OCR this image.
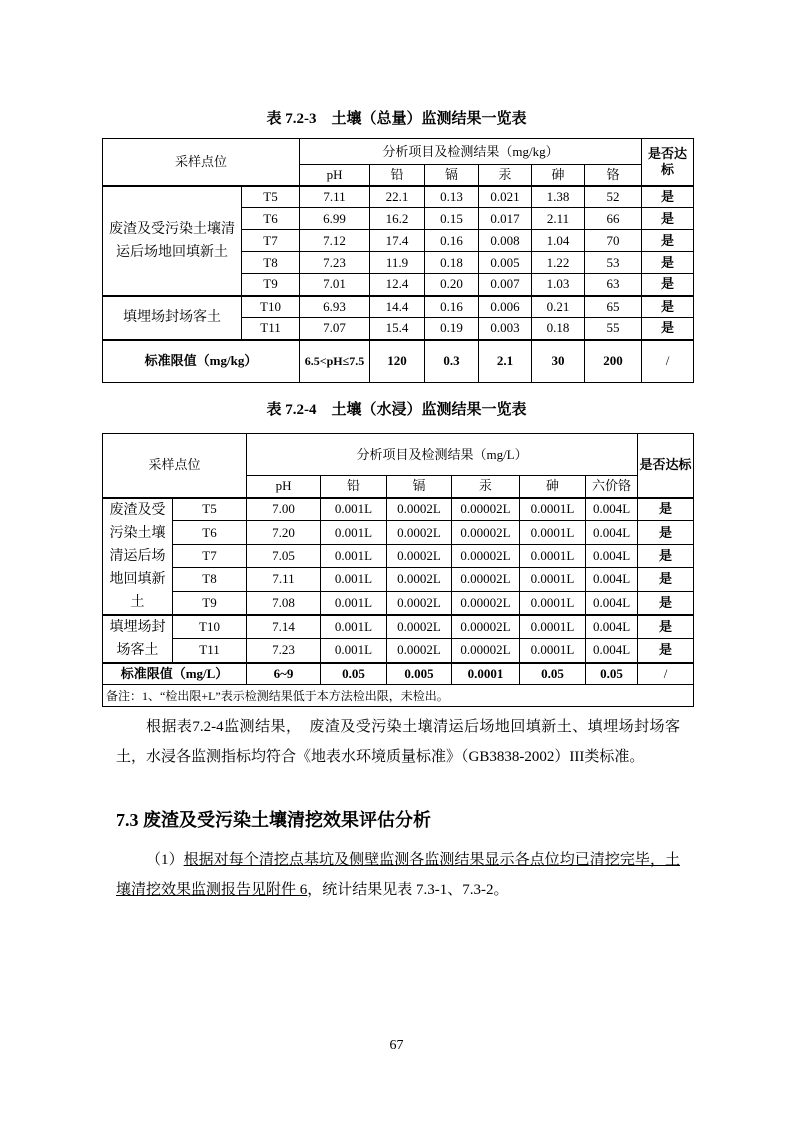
表 7.2-3　土壤（总量）监测结果一览表
采样点位		分析项目及检测结果（mg/kg）						是否达标
		pH	铅	镉	汞	砷	铬	
废渣及受污染土壤清运后场地回填新土	T5	7.11	22.1	0.13	0.021	1.38	52	是
	T6	6.99	16.2	0.15	0.017	2.11	66	是
	T7	7.12	17.4	0.16	0.008	1.04	70	是
	T8	7.23	11.9	0.18	0.005	1.22	53	是
	T9	7.01	12.4	0.20	0.007	1.03	63	是
填埋场封场客土	T10	6.93	14.4	0.16	0.006	0.21	65	是
	T11	7.07	15.4	0.19	0.003	0.18	55	是
标准限值（mg/kg）		6.5<pH≤7.5	120	0.3	2.1	30	200	/
表 7.2-4　土壤（水浸）监测结果一览表
采样点位		分析项目及检测结果（mg/L）						是否达标
		pH	铅	镉	汞	砷	六价铬	
废渣及受污染土壤清运后场地回填新土	T5	7.00	0.001L	0.0002L	0.00002L	0.0001L	0.004L	是
	T6	7.20	0.001L	0.0002L	0.00002L	0.0001L	0.004L	是
	T7	7.05	0.001L	0.0002L	0.00002L	0.0001L	0.004L	是
	T8	7.11	0.001L	0.0002L	0.00002L	0.0001L	0.004L	是
	T9	7.08	0.001L	0.0002L	0.00002L	0.0001L	0.004L	是
填埋场封场客土	T10	7.14	0.001L	0.0002L	0.00002L	0.0001L	0.004L	是
	T11	7.23	0.001L	0.0002L	0.00002L	0.0001L	0.004L	是
标准限值（mg/L）		6~9	0.05	0.005	0.0001	0.05	0.05	/
备注：1、“检出限+L”表示检测结果低于本方法检出限，未检出。								
根据表7.2-4监测结果，　废渣及受污染土壤清运后场地回填新土、填埋场封场客土，水浸各监测指标均符合《地表水环境质量标准》（GB3838-2002）III类标准。
7.3 废渣及受污染土壤清挖效果评估分析
（1）根据对每个清挖点基坑及侧壁监测各监测结果显示各点位均已清挖完毕，土壤清挖效果监测报告见附件 6，统计结果见表 7.3-1、7.3-2。
67
